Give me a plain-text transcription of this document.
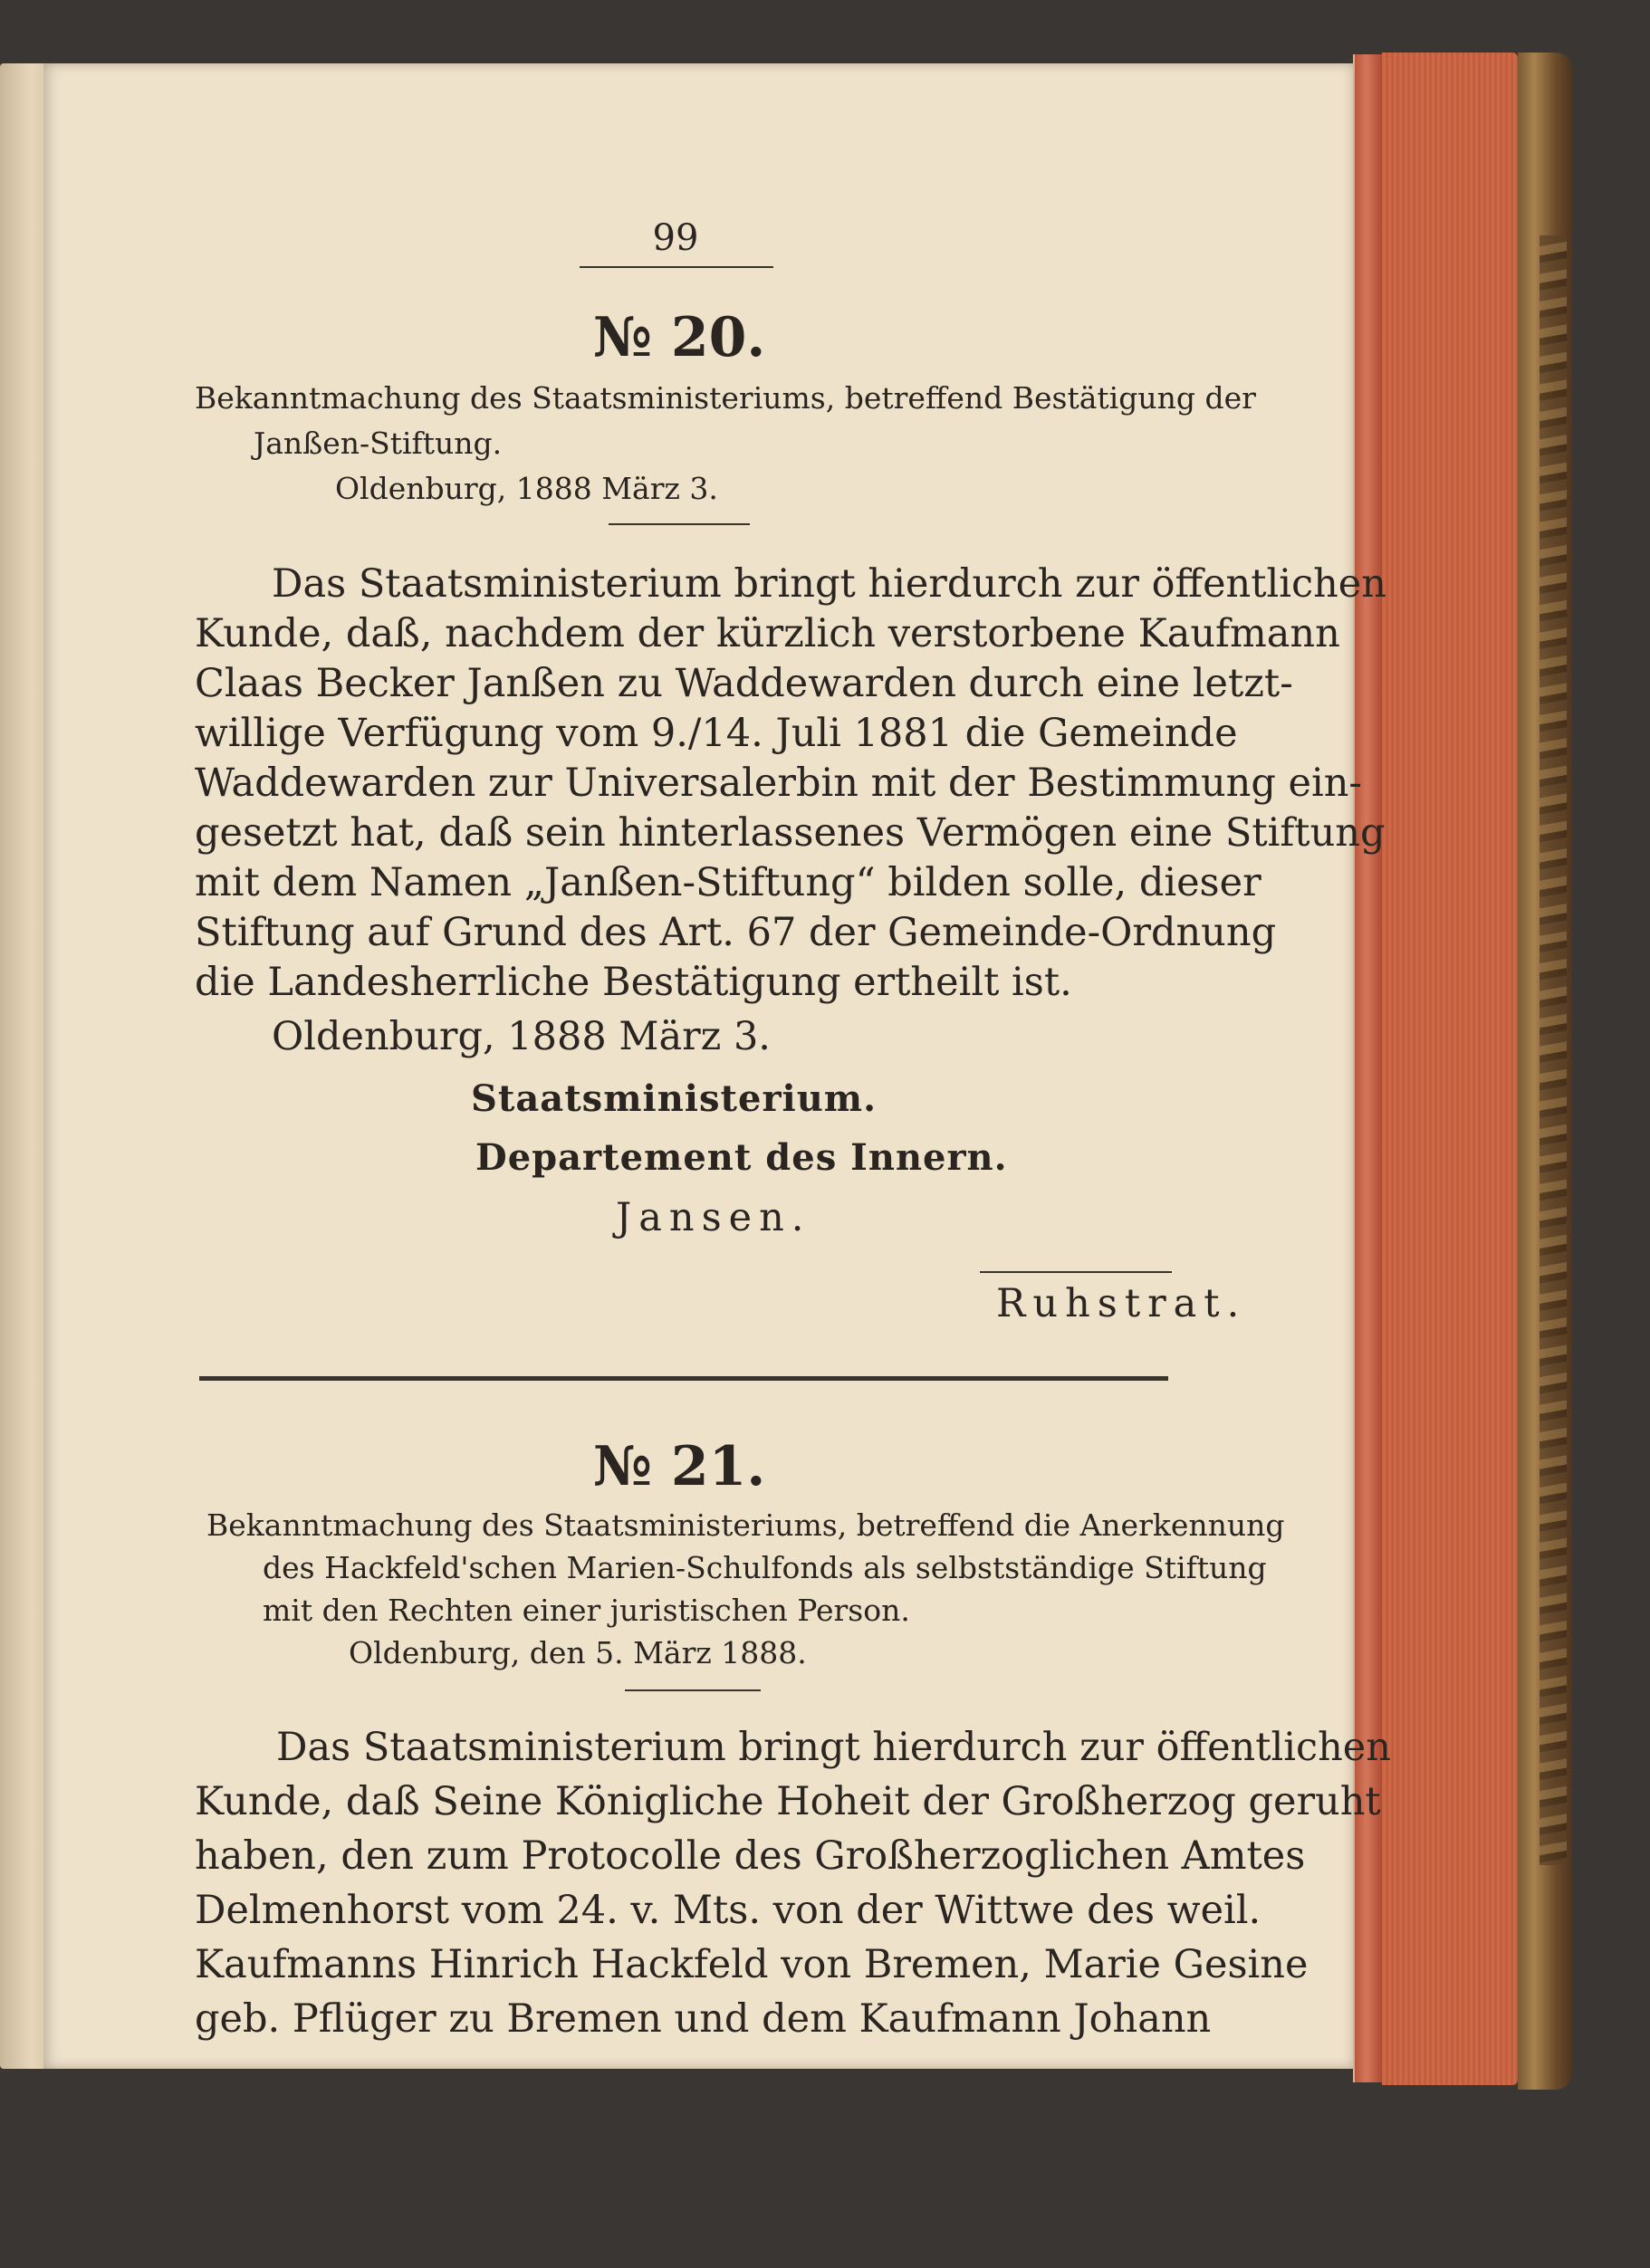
99
№ 20.
Bekanntmachung des Staatsministeriums, betreffend Bestätigung der
Janßen-Stiftung.
Oldenburg, 1888 März 3.
Das Staatsministerium bringt hierdurch zur öffentlichen
Kunde, daß, nachdem der kürzlich verstorbene Kaufmann
Claas Becker Janßen zu Waddewarden durch eine letzt-
willige Verfügung vom 9./14. Juli 1881 die Gemeinde
Waddewarden zur Universalerbin mit der Bestimmung ein-
gesetzt hat, daß sein hinterlassenes Vermögen eine Stiftung
mit dem Namen „Janßen-Stiftung“ bilden solle, dieser
Stiftung auf Grund des Art. 67 der Gemeinde-Ordnung
die Landesherrliche Bestätigung ertheilt ist.
Oldenburg, 1888 März 3.
Staatsministerium.
Departement des Innern.
Jansen.
Ruhstrat.
№ 21.
Bekanntmachung des Staatsministeriums, betreffend die Anerkennung
des Hackfeld'schen Marien-Schulfonds als selbstständige Stiftung
mit den Rechten einer juristischen Person.
Oldenburg, den 5. März 1888.
Das Staatsministerium bringt hierdurch zur öffentlichen
Kunde, daß Seine Königliche Hoheit der Großherzog geruht
haben, den zum Protocolle des Großherzoglichen Amtes
Delmenhorst vom 24. v. Mts. von der Wittwe des weil.
Kaufmanns Hinrich Hackfeld von Bremen, Marie Gesine
geb. Pflüger zu Bremen und dem Kaufmann Johann
